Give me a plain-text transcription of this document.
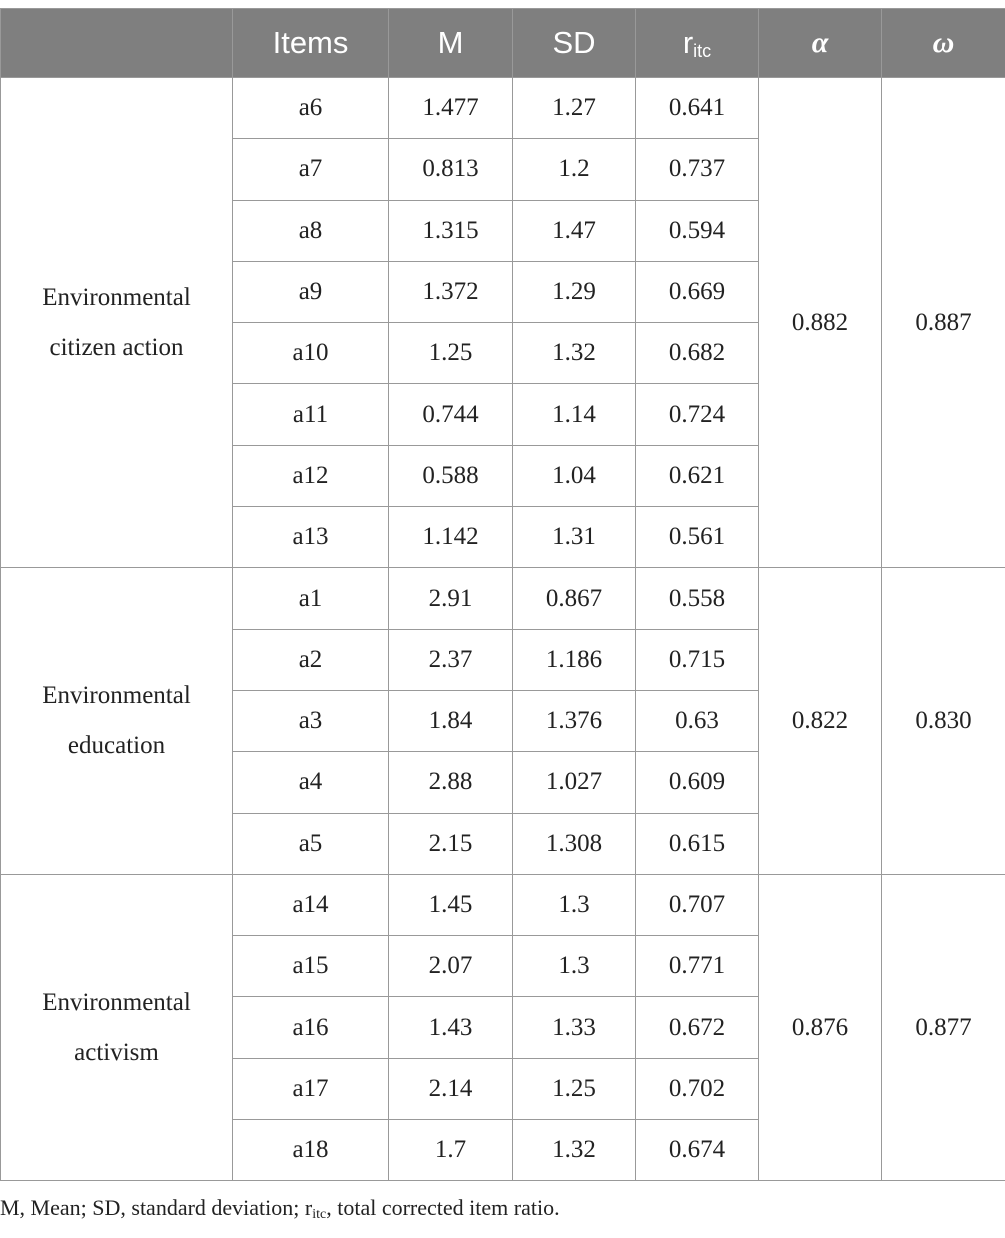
	Items	M	SD	$r_{itc}$	α	ω

Environmental
citizen action	a6	1.477	1.27	0.641	0.882	0.887
	a7	0.813	1.2	0.737		
	a8	1.315	1.47	0.594		
	a9	1.372	1.29	0.669		
	a10	1.25	1.32	0.682		
	a11	0.744	1.14	0.724		
	a12	0.588	1.04	0.621		
	a13	1.142	1.31	0.561		

Environmental
education	a1	2.91	0.867	0.558	0.822	0.830
	a2	2.37	1.186	0.715		
	a3	1.84	1.376	0.63		
	a4	2.88	1.027	0.609		
	a5	2.15	1.308	0.615		

Environmental
activism	a14	1.45	1.3	0.707	0.876	0.877
	a15	2.07	1.3	0.771		
	a16	1.43	1.33	0.672		
	a17	2.14	1.25	0.702		
	a18	1.7	1.32	0.674		
M, Mean; SD, standard deviation; $r_{itc}$, total corrected item ratio.
